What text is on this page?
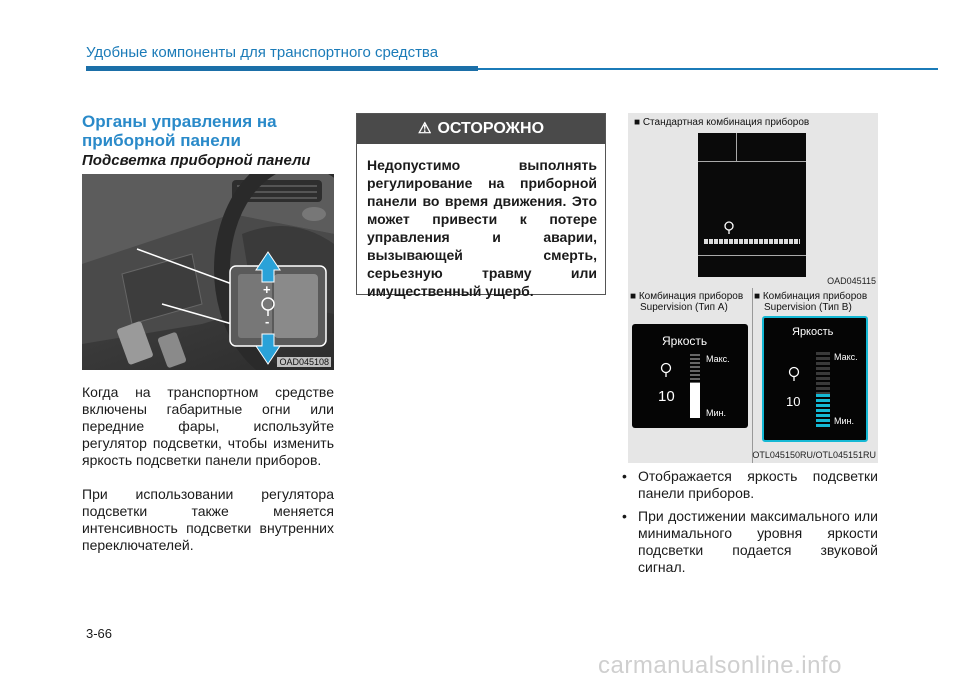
Удобные компоненты для транспортного средства
Органы управления на приборной панели
Подсветка приборной панели
+
-
OAD045108
Когда на транспортном средстве включены габаритные огни или передние фары, используйте регулятор подсветки, чтобы изменить яркость подсветки панели приборов.
При использовании регулятора подсветки также меняется интенсивность подсветки внутренних переключателей.
⚠ ОСТОРОЖНО
Недопустимо выполнять регулирование на приборной панели во время движения. Это может привести к потере управления и аварии, вызывающей смерть, серьезную травму или имущественный ущерб.
■ Стандартная комбинация приборов
OAD045115
■ Комбинация приборов
Supervision (Тип A)
Яркость
10
Макс.
Мин.
■ Комбинация приборов
Supervision (Тип B)
Яркость
10
Макс.
Мин.
OTL045150RU/OTL045151RU
• Отображается яркость подсветки панели приборов.
• При достижении максимального или минимального уровня яркости подсветки подается звуковой сигнал.
3-66
carmanualsonline.info
